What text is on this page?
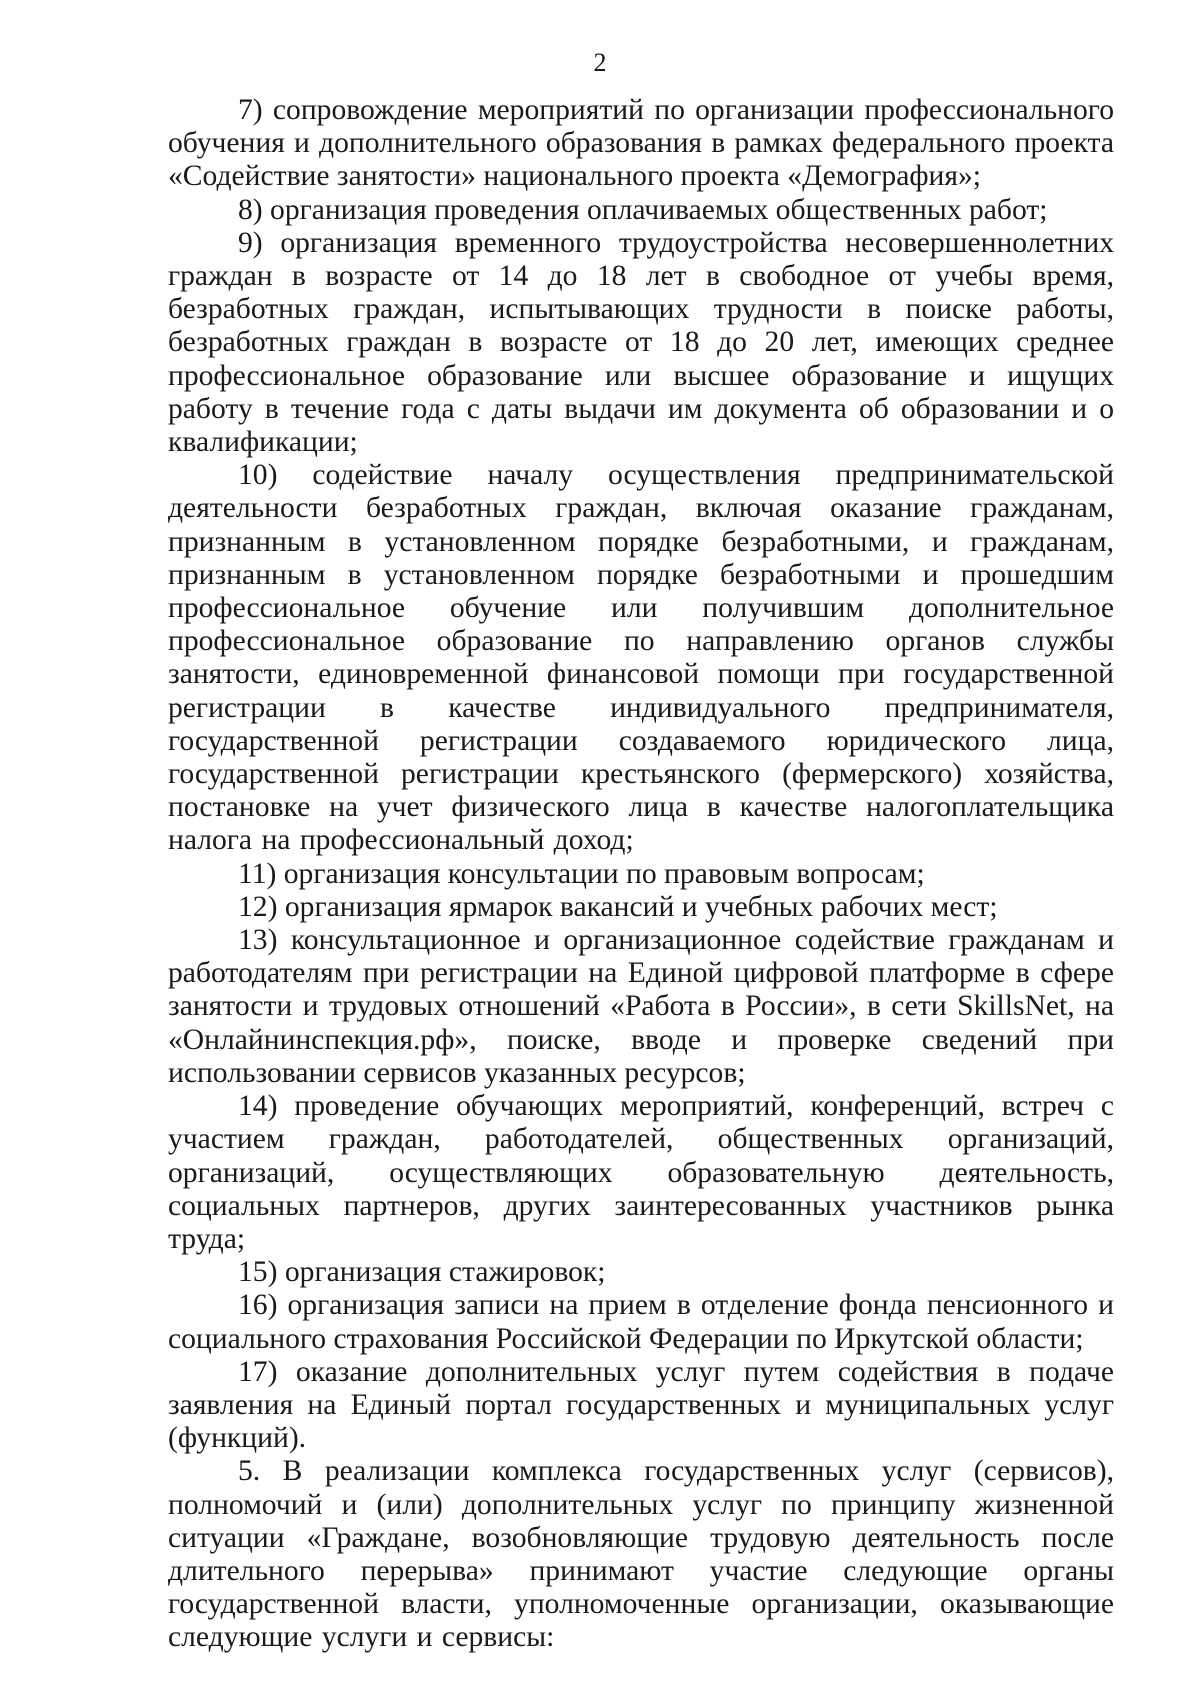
2

7) сопровождение мероприятий по организации профессионального обучения и дополнительного образования в рамках федерального проекта «Содействие занятости» национального проекта «Демография»;

8) организация проведения оплачиваемых общественных работ;

9) организация временного трудоустройства несовершеннолетних граждан в возрасте от 14 до 18 лет в свободное от учебы время, безработных граждан, испытывающих трудности в поиске работы, безработных граждан в возрасте от 18 до 20 лет, имеющих среднее профессиональное образование или высшее образование и ищущих работу в течение года с даты выдачи им документа об образовании и о квалификации;

10) содействие началу осуществления предпринимательской деятельности безработных граждан, включая оказание гражданам, признанным в установленном порядке безработными, и гражданам, признанным в установленном порядке безработными и прошедшим профессиональное обучение или получившим дополнительное профессиональное образование по направлению органов службы занятости, единовременной финансовой помощи при государственной регистрации в качестве индивидуального предпринимателя, государственной регистрации создаваемого юридического лица, государственной регистрации крестьянского (фермерского) хозяйства, постановке на учет физического лица в качестве налогоплательщика налога на профессиональный доход;

11) организация консультации по правовым вопросам;

12) организация ярмарок вакансий и учебных рабочих мест;

13) консультационное и организационное содействие гражданам и работодателям при регистрации на Единой цифровой платформе в сфере занятости и трудовых отношений «Работа в России», в сети SkillsNet, на «Онлайнинспекция.рф», поиске, вводе и проверке сведений при использовании сервисов указанных ресурсов;

14) проведение обучающих мероприятий, конференций, встреч с участием граждан, работодателей, общественных организаций, организаций, осуществляющих образовательную деятельность, социальных партнеров, других заинтересованных участников рынка труда;

15) организация стажировок;

16) организация записи на прием в отделение фонда пенсионного и социального страхования Российской Федерации по Иркутской области;

17) оказание дополнительных услуг путем содействия в подаче заявления на Единый портал государственных и муниципальных услуг (функций).

5. В реализации комплекса государственных услуг (сервисов), полномочий и (или) дополнительных услуг по принципу жизненной ситуации «Граждане, возобновляющие трудовую деятельность после длительного перерыва» принимают участие следующие органы государственной власти, уполномоченные организации, оказывающие следующие услуги и сервисы:
